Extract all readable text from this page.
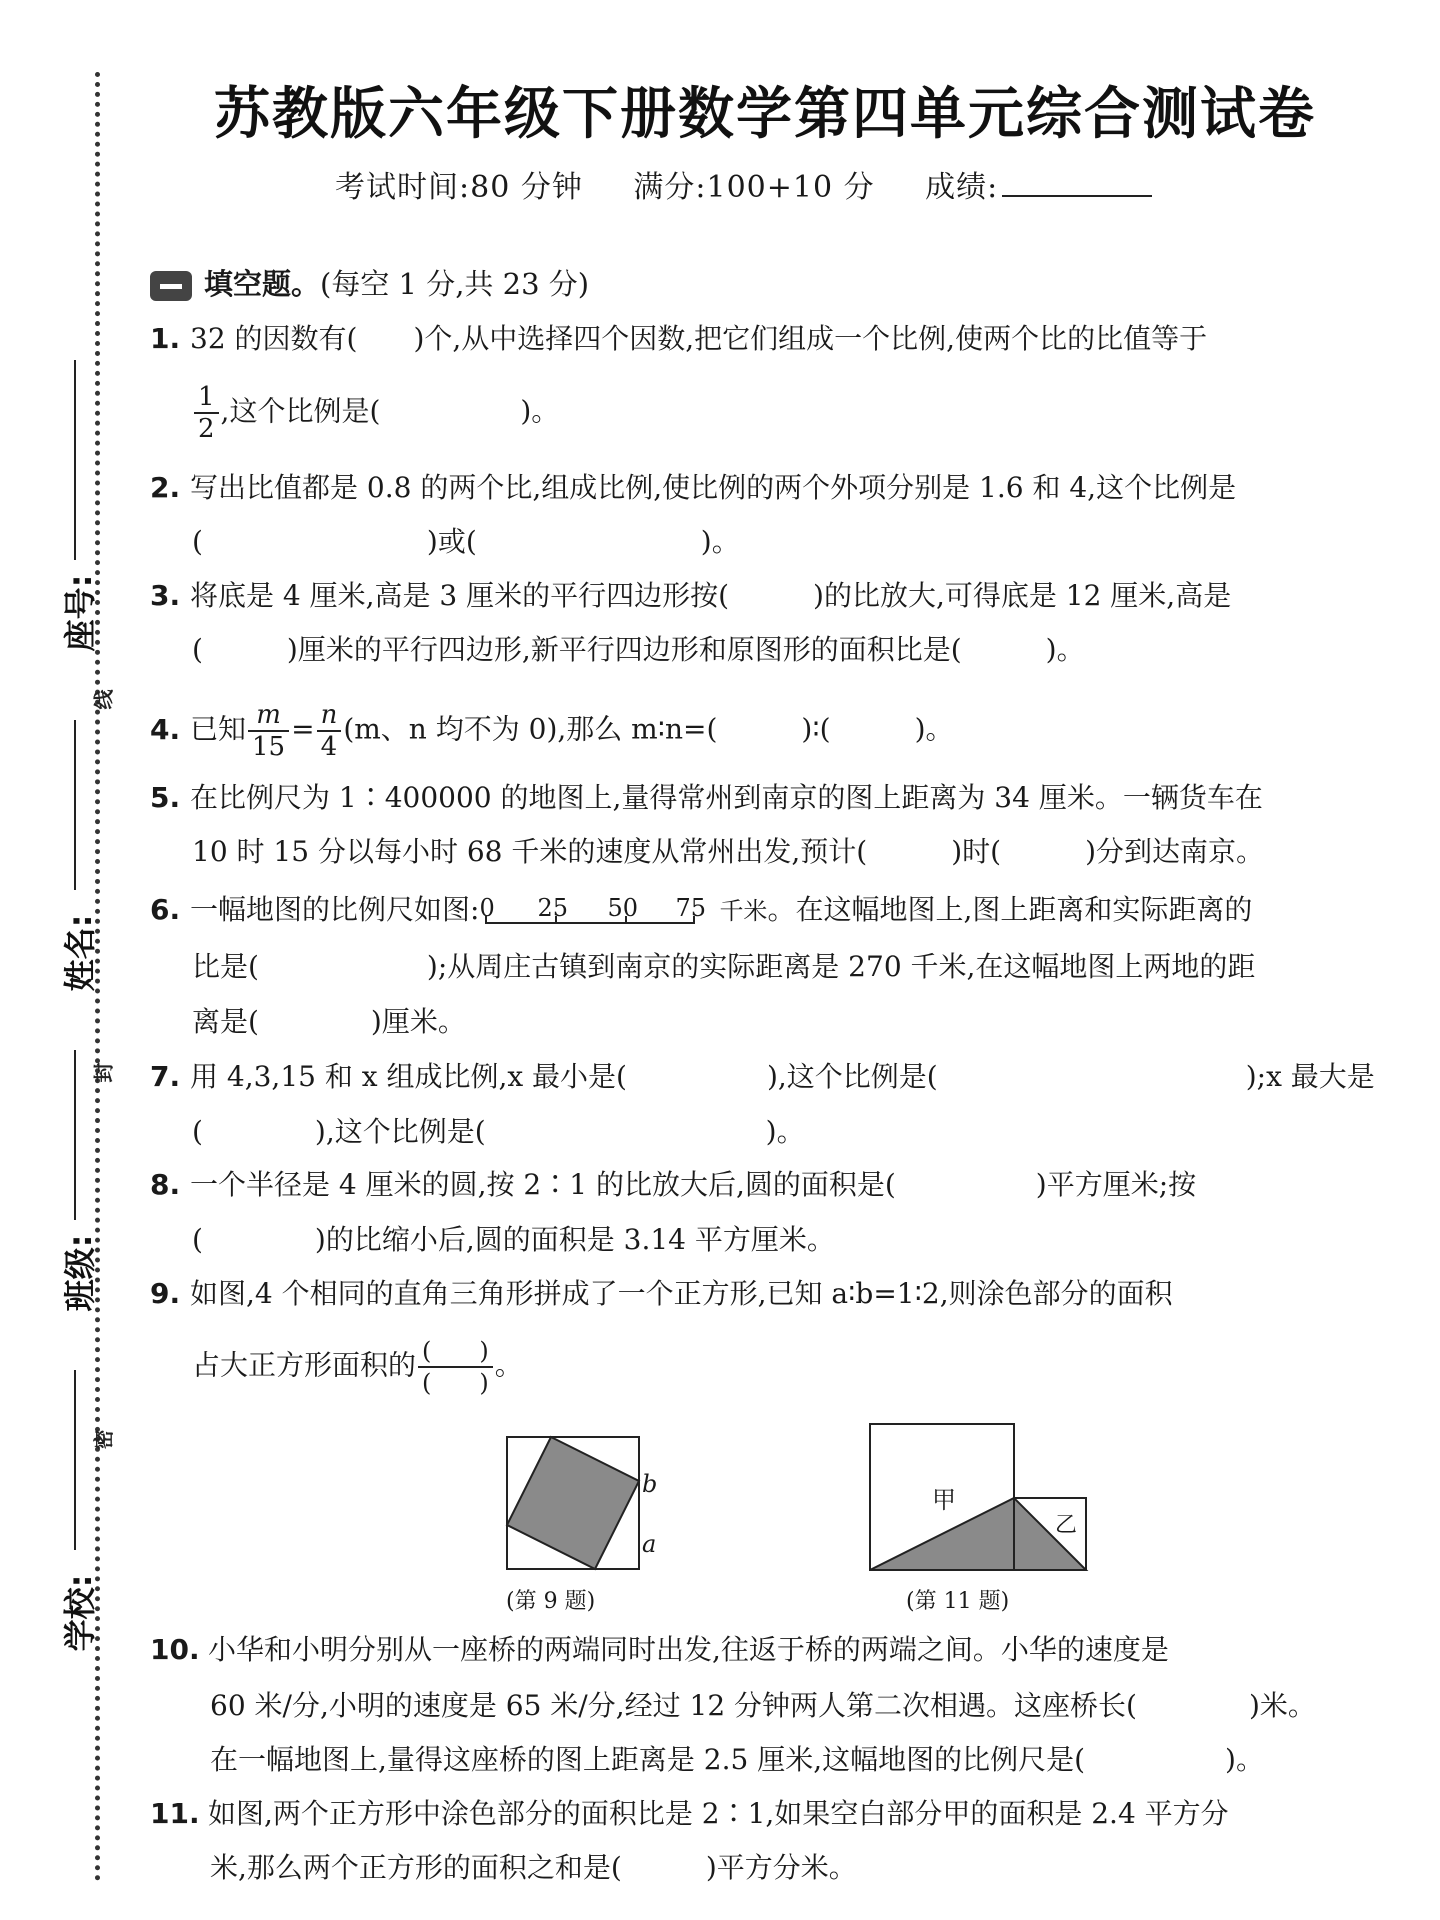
学校:
班级:
姓名:
座号:
线
封
密
苏教版六年级下册数学第四单元综合测试卷
考试时间:80 分钟 满分:100+10 分 成绩:
填空题。(每空 1 分,共 23 分)
1. 32 的因数有(　　)个,从中选择四个因数,把它们组成一个比例,使两个比的比值等于
$\frac{1}{2}$ ,这个比例是(　　　　　)。
2. 写出比值都是 0.8 的两个比,组成比例,使比例的两个外项分别是 1.6 和 4,这个比例是
(　　　　　　　　)或(　　　　　　　　)。
3. 将底是 4 厘米,高是 3 厘米的平行四边形按(　　　)的比放大,可得底是 12 厘米,高是
(　　　)厘米的平行四边形,新平行四边形和原图形的面积比是(　　　)。
4. 已知 $\frac{m}{15} = \frac{n}{4} (m$、n 均不为 0),那么 m∶n=(　　　)∶(　　　)。
5. 在比例尺为 1∶400000 的地图上,量得常州到南京的图上距离为 34 厘米。一辆货车在
10 时 15 分以每小时 68 千米的速度从常州出发,预计(　　　)时(　　　)分到达南京。
6. 一幅地图的比例尺如图: 0 25 50 75 千米。在这幅地图上,图上距离和实际距离的
比是(　　　　　　);从周庄古镇到南京的实际距离是 270 千米,在这幅地图上两地的距
离是(　　　　)厘米。
7. 用 4,3,15 和 x 组成比例,x 最小是(　　　　　),这个比例是(　　　　　　　　　　　);x 最大是
(　　　　),这个比例是(　　　　　　　　　　)。
8. 一个半径是 4 厘米的圆,按 2∶1 的比放大后,圆的面积是(　　　　　)平方厘米;按
(　　　　)的比缩小后,圆的面积是 3.14 平方厘米。
9. 如图,4 个相同的直角三角形拼成了一个正方形,已知 a∶b=1∶2,则涂色部分的面积
占大正方形面积的 $\frac{( )}{( )}$ 。
b
a
(第 9 题)
甲
乙
(第 11 题)
10. 小华和小明分别从一座桥的两端同时出发,往返于桥的两端之间。小华的速度是
60 米/分,小明的速度是 65 米/分,经过 12 分钟两人第二次相遇。这座桥长(　　　　)米。
在一幅地图上,量得这座桥的图上距离是 2.5 厘米,这幅地图的比例尺是(　　　　　)。
11. 如图,两个正方形中涂色部分的面积比是 2∶1,如果空白部分甲的面积是 2.4 平方分
米,那么两个正方形的面积之和是(　　　)平方分米。
